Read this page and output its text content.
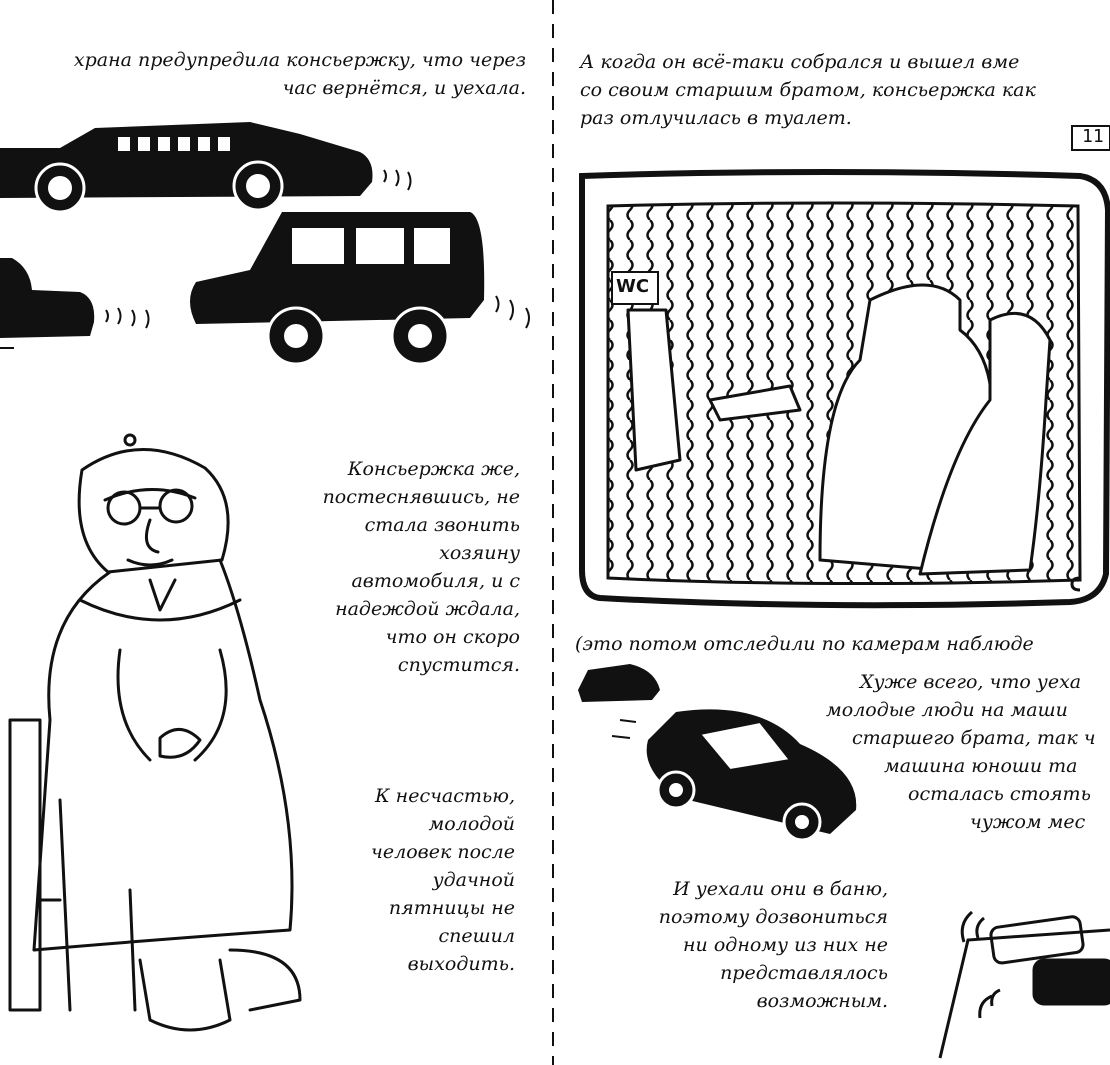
хрaнa предупредила консьержку, что через
час вернётся, и уехала.
Консьержка же,
постеснявшись, не
стала звонить
хозяину
автомобиля, и с
надеждой ждала,
что он скоро
спустится.
К несчастью,
молодой
человек после
удачной
пятницы не
спешил
выходить.
А когда он всё-таки собрался и вышел вме
со своим старшим братом, консьержка как
раз отлучилась в туалет.
WC
11
(это потом отследили по камерам наблюде
Хуже всего, что уеха
молодые люди на маши
старшего брата, так ч
машина юноши та
осталась стоять
чужом мес
И уехали они в баню,
поэтому дозвониться
ни одному из них не
представлялось
возможным.
